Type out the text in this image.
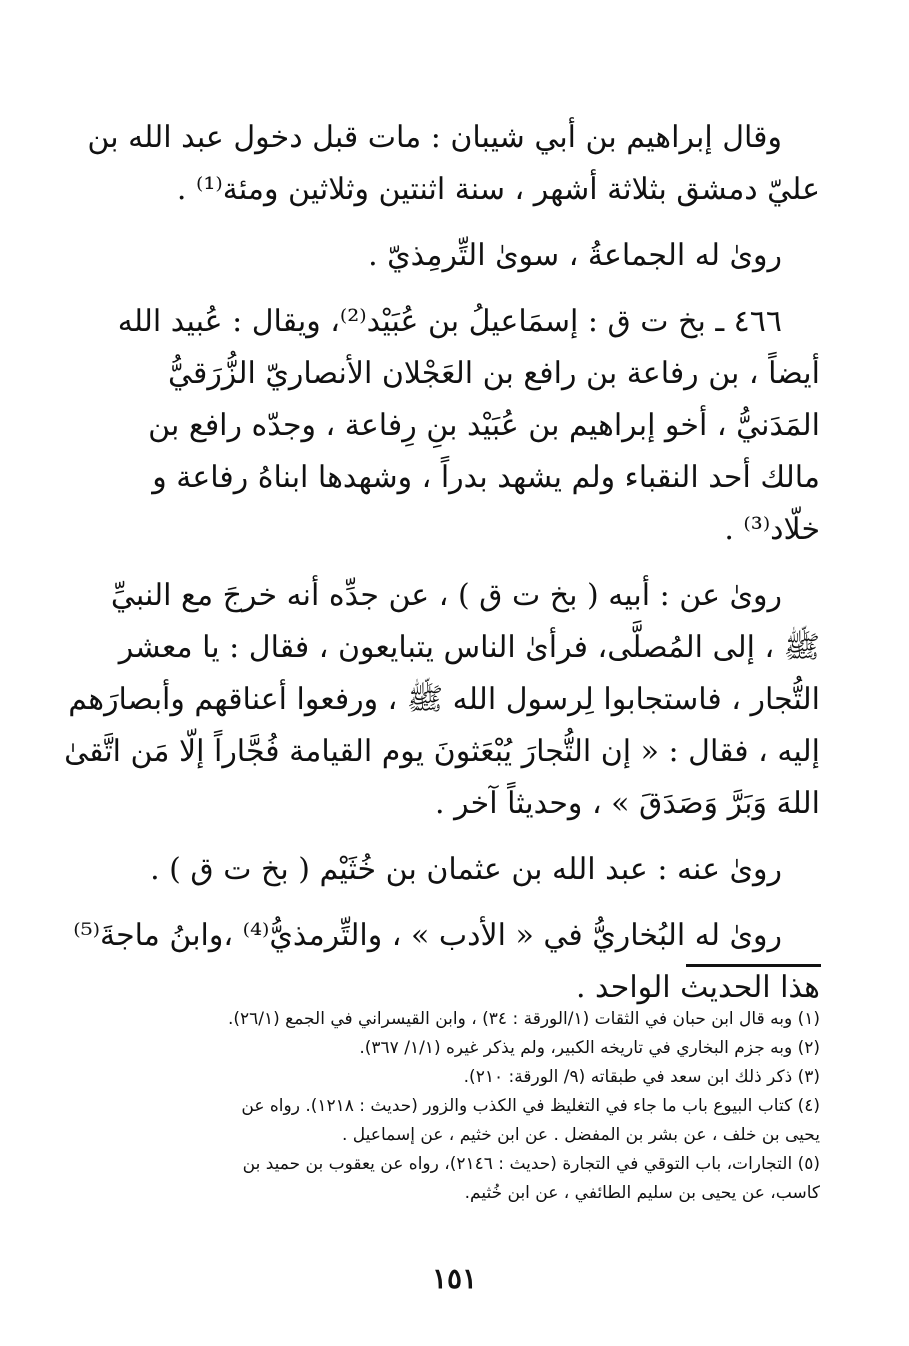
وقال إبراهيم بن أبي شيبان : مات قبل دخول عبد الله بن
عليّ دمشق بثلاثة أشهر ، سنة اثنتين وثلاثين ومئة⁽¹⁾ .
رویٰ له الجماعةُ ، سویٰ التِّرمِذيّ .
٤٦٦ ـ بخ ت ق : إسمَاعيلُ بن عُبَيْد⁽²⁾، ويقال : عُبيد الله
أيضاً ، بن رفاعة بن رافع بن العَجْلان الأنصاريّ الزُّرَقيُّ
المَدَنيُّ ، أخو إبراهيم بن عُبَيْد بنِ رِفاعة ، وجدّه رافع بن
مالك أحد النقباء ولم يشهد بدراً ، وشهدها ابناهُ رفاعة و
خلّاد⁽³⁾ .
رویٰ عن : أبيه ( بخ ت ق ) ، عن جدِّه أنه خرجَ مع النبيِّ
ﷺ ، إلى المُصلَّى، فرأىٰ الناس يتبايعون ، فقال : يا معشر
التُّجار ، فاستجابوا لِرسول الله ﷺ ، ورفعوا أعناقهم وأبصارَهم
إليه ، فقال : « إن التُّجارَ يُبْعَثونَ يوم القيامة فُجَّاراً إلّا مَن اتَّقىٰ
اللهَ وَبَرَّ وَصَدَقَ » ، وحديثاً آخر .
رویٰ عنه : عبد الله بن عثمان بن خُثَيْم ( بخ ت ق ) .
رویٰ له البُخاريُّ في « الأدب » ، والتِّرمذيُّ⁽⁴⁾ ،وابنُ ماجةَ⁽⁵⁾
هذا الحديث الواحد .
(١) وبه قال ابن حبان في الثقات (١/الورقة : ٣٤) ، وابن القيسراني في الجمع (٢٦/١).
(٢) وبه جزم البخاري في تاريخه الكبير، ولم يذكر غيره (١/١/ ٣٦٧).
(٣) ذكر ذلك ابن سعد في طبقاته (٩/ الورقة: ٢١٠).
(٤) كتاب البيوع باب ما جاء في التغليظ في الكذب والزور (حديث : ١٢١٨). رواه عن
يحيى بن خلف ، عن بشر بن المفضل . عن ابن خثيم ، عن إسماعيل .
(٥) التجارات، باب التوقي في التجارة (حديث : ٢١٤٦)، رواه عن يعقوب بن حميد بن
كاسب، عن يحيى بن سليم الطائفي ، عن ابن خُثيم.
١٥١
